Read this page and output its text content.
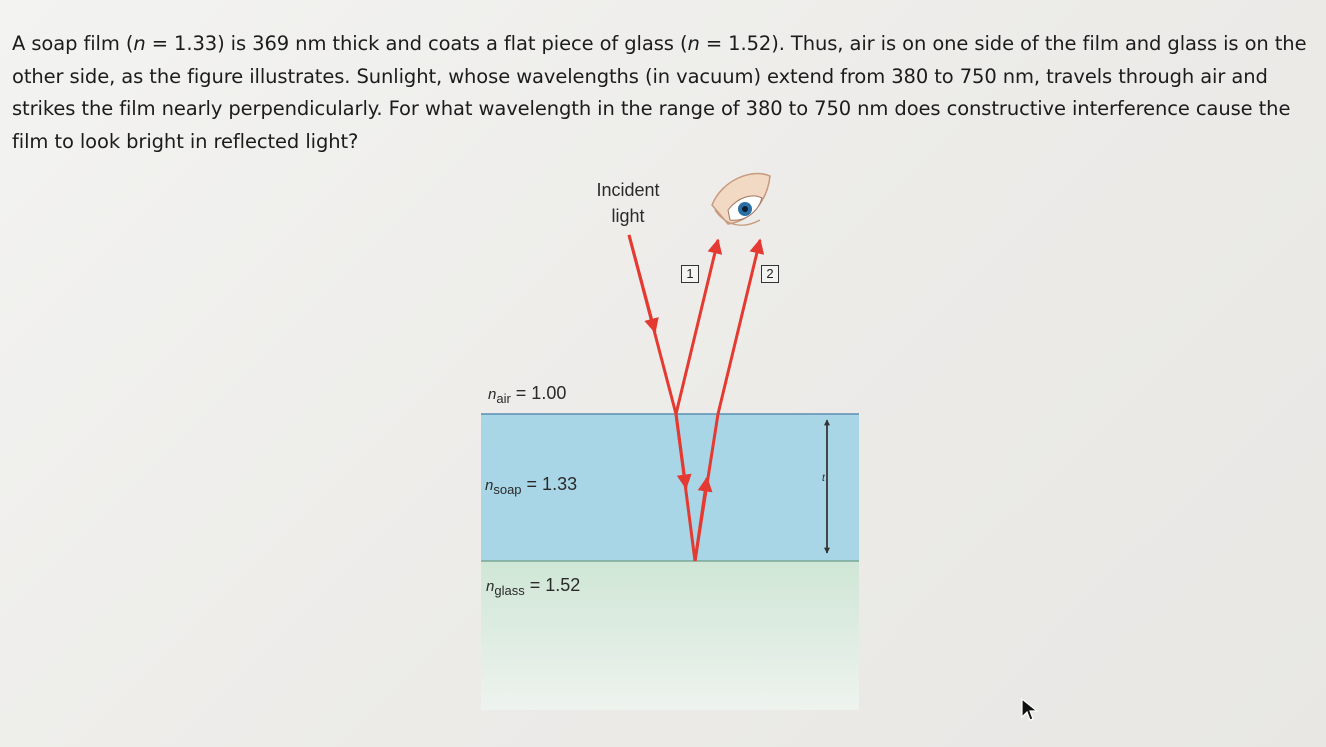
A soap film (n = 1.33) is 369 nm thick and coats a flat piece of glass (n = 1.52). Thus, air is on one side of the film and glass is on the other side, as the figure illustrates. Sunlight, whose wavelengths (in vacuum) extend from 380 to 750 nm, travels through air and strikes the film nearly perpendicularly. For what wavelength in the range of 380 to 750 nm does constructive interference cause the film to look bright in reflected light?
Incident
light
1	2
t
$n_{air} = 1.00$
$n_{soap} = 1.33$
$n_{glass} = 1.52$
